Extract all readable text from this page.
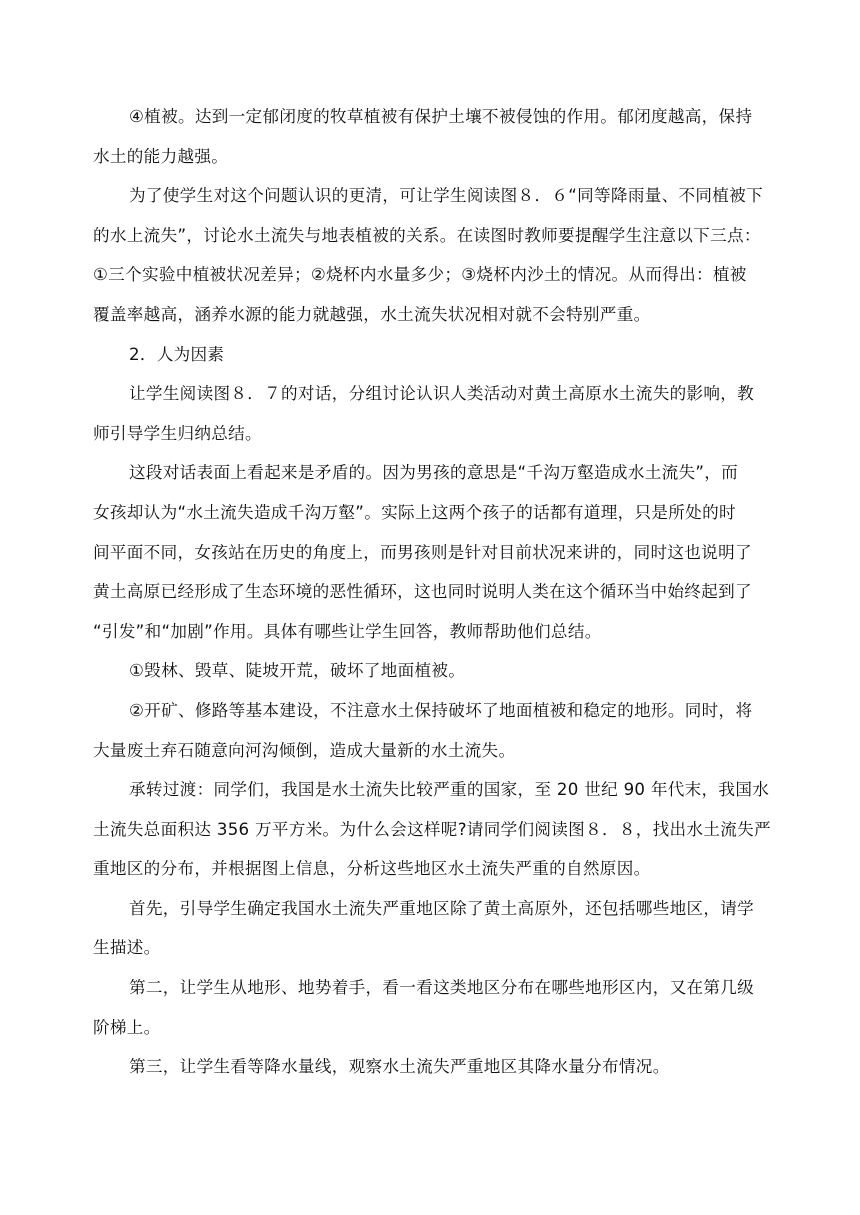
④植被。达到一定郁闭度的牧草植被有保护土壤不被侵蚀的作用。郁闭度越高，保持
水土的能力越强。
为了使学生对这个问题认识的更清，可让学生阅读图８．６“同等降雨量、不同植被下
的水上流失”，讨论水土流失与地表植被的关系。在读图时教师要提醒学生注意以下三点：
①三个实验中植被状况差异；②烧杯内水量多少；③烧杯内沙土的情况。从而得出：植被
覆盖率越高，涵养水源的能力就越强，水土流失状况相对就不会特别严重。
2．人为因素
让学生阅读图８．７的对话，分组讨论认识人类活动对黄土高原水土流失的影响，教
师引导学生归纳总结。
这段对话表面上看起来是矛盾的。因为男孩的意思是“千沟万壑造成水土流失”，而
女孩却认为“水土流失造成千沟万壑”。实际上这两个孩子的话都有道理，只是所处的时
间平面不同，女孩站在历史的角度上，而男孩则是针对目前状况来讲的，同时这也说明了
黄土高原已经形成了生态环境的恶性循环，这也同时说明人类在这个循环当中始终起到了
“引发”和“加剧”作用。具体有哪些让学生回答，教师帮助他们总结。
①毁林、毁草、陡坡开荒，破坏了地面植被。
②开矿、修路等基本建设，不注意水土保持破坏了地面植被和稳定的地形。同时，将
大量废土弃石随意向河沟倾倒，造成大量新的水土流失。
承转过渡：同学们，我国是水土流失比较严重的国家，至 20 世纪 90 年代末，我国水
土流失总面积达 356 万平方米。为什么会这样呢?请同学们阅读图８．８，找出水土流失严
重地区的分布，并根据图上信息，分析这些地区水土流失严重的自然原因。
首先，引导学生确定我国水土流失严重地区除了黄土高原外，还包括哪些地区，请学
生描述。
第二，让学生从地形、地势着手，看一看这类地区分布在哪些地形区内，又在第几级
阶梯上。
第三，让学生看等降水量线，观察水土流失严重地区其降水量分布情况。
